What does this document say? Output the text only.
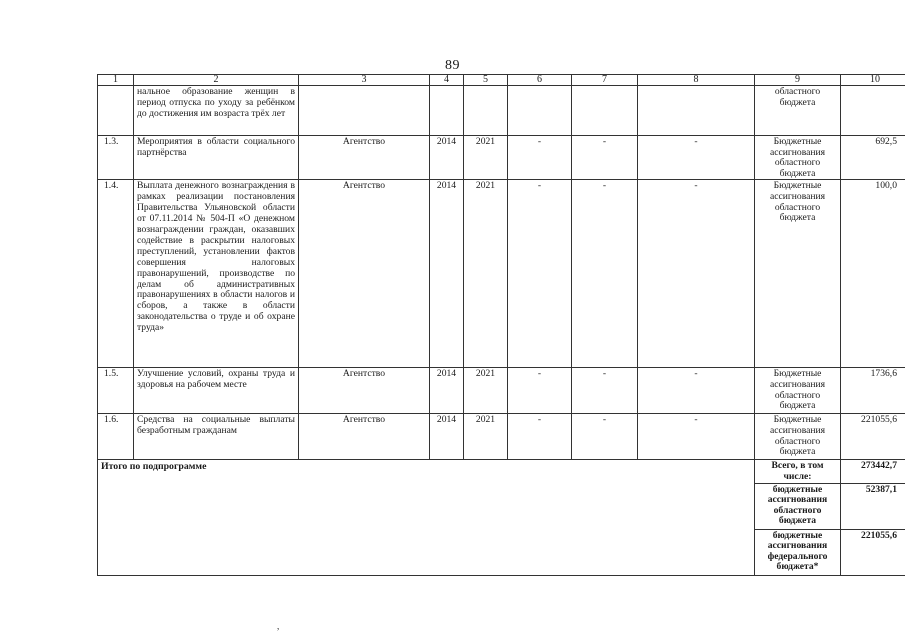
89
1	2	3	4	5	6	7	8	9	10
	нальное образование женщин в период отпуска по уходу за ребёнком до достижения им возраста трёх лет							областного бюджета	
1.3.	Мероприятия в области социального партнёрства	Агентство	2014	2021	-	-	-	Бюджетные ассигнования областного бюджета	692,5
1.4.	Выплата денежного вознаграждения в рамках реализации постановления Правительства Ульяновской области от 07.11.2014 № 504-П «О денежном вознаграждении граждан, оказавших содействие в раскрытии налоговых преступлений, установлении фактов совершения налоговых правонарушений, производстве по делам об административных правонарушениях в области налогов и сборов, а также в области законодательства о труде и об охране труда»	Агентство	2014	2021	-	-	-	Бюджетные ассигнования областного бюджета	100,0
1.5.	Улучшение условий, охраны труда и здоровья на рабочем месте	Агентство	2014	2021	-	-	-	Бюджетные ассигнования областного бюджета	1736,6
1.6.	Средства на социальные выплаты безработным гражданам	Агентство	2014	2021	-	-	-	Бюджетные ассигнования областного бюджета	221055,6
Итого по подпрограмме								Всего, в том числе:	273442,7
								бюджетные ассигнования областного бюджета	52387,1
								бюджетные ассигнования федерального бюджета*	221055,6
,
